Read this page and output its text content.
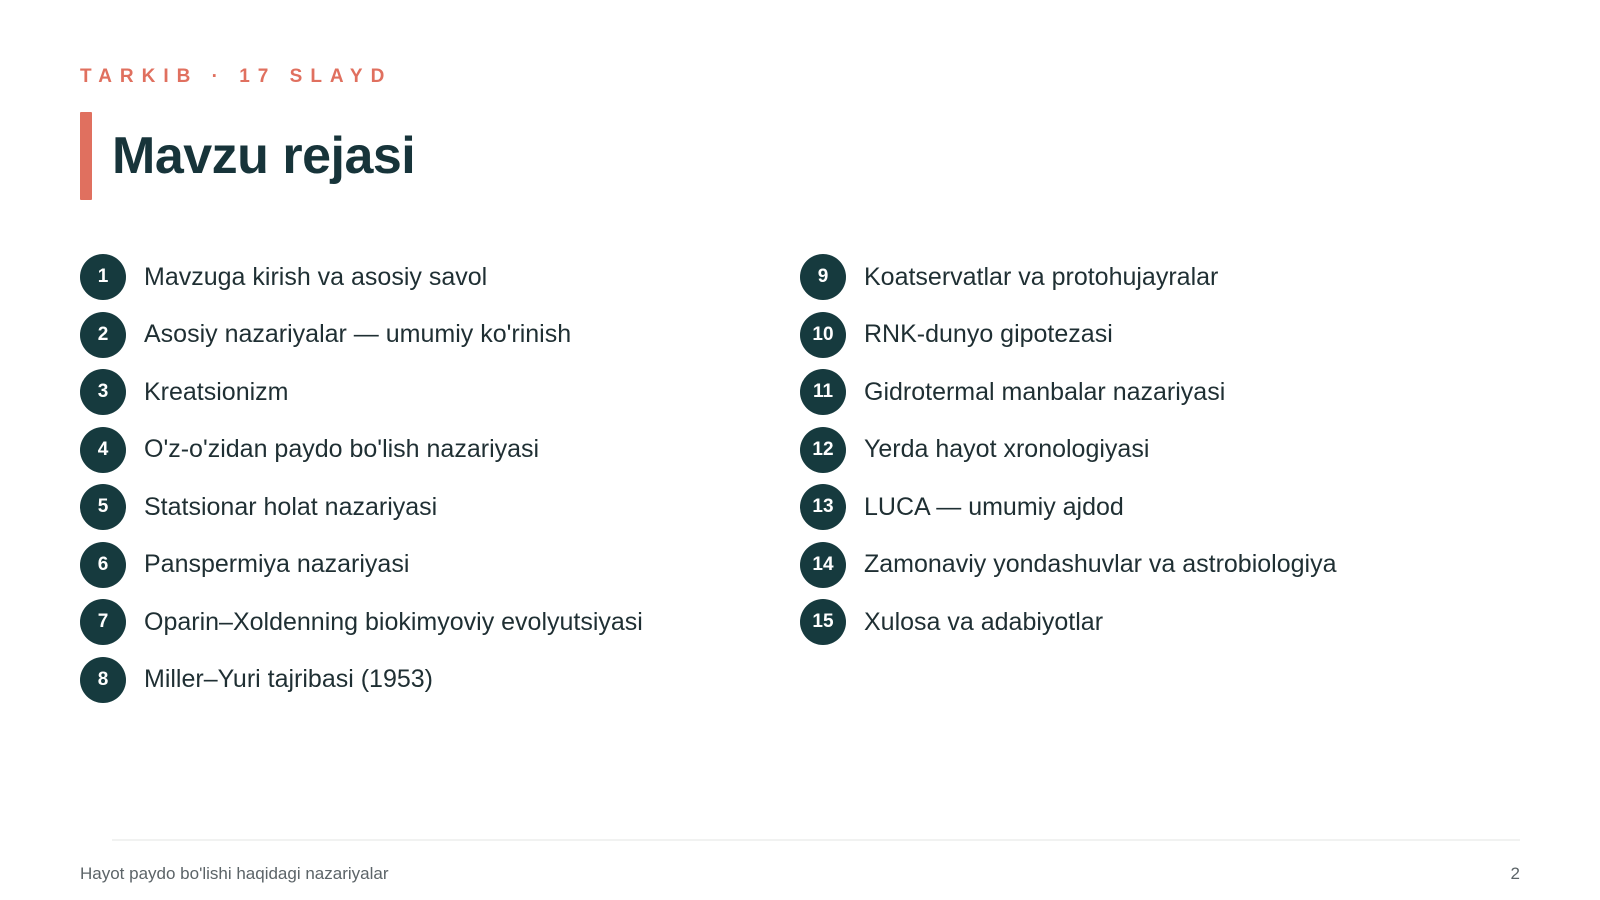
TARKIB · 17 SLAYD
Mavzu rejasi
1	Mavzuga kirish va asosiy savol
2	Asosiy nazariyalar — umumiy ko'rinish
3	Kreatsionizm
4	O'z-o'zidan paydo bo'lish nazariyasi
5	Statsionar holat nazariyasi
6	Panspermiya nazariyasi
7	Oparin–Xoldenning biokimyoviy evolyutsiyasi
8	Miller–Yuri tajribasi (1953)
9	Koatservatlar va protohujayralar
10	RNK-dunyo gipotezasi
11	Gidrotermal manbalar nazariyasi
12	Yerda hayot xronologiyasi
13	LUCA — umumiy ajdod
14	Zamonaviy yondashuvlar va astrobiologiya
15	Xulosa va adabiyotlar
Hayot paydo bo'lishi haqidagi nazariyalar	2
